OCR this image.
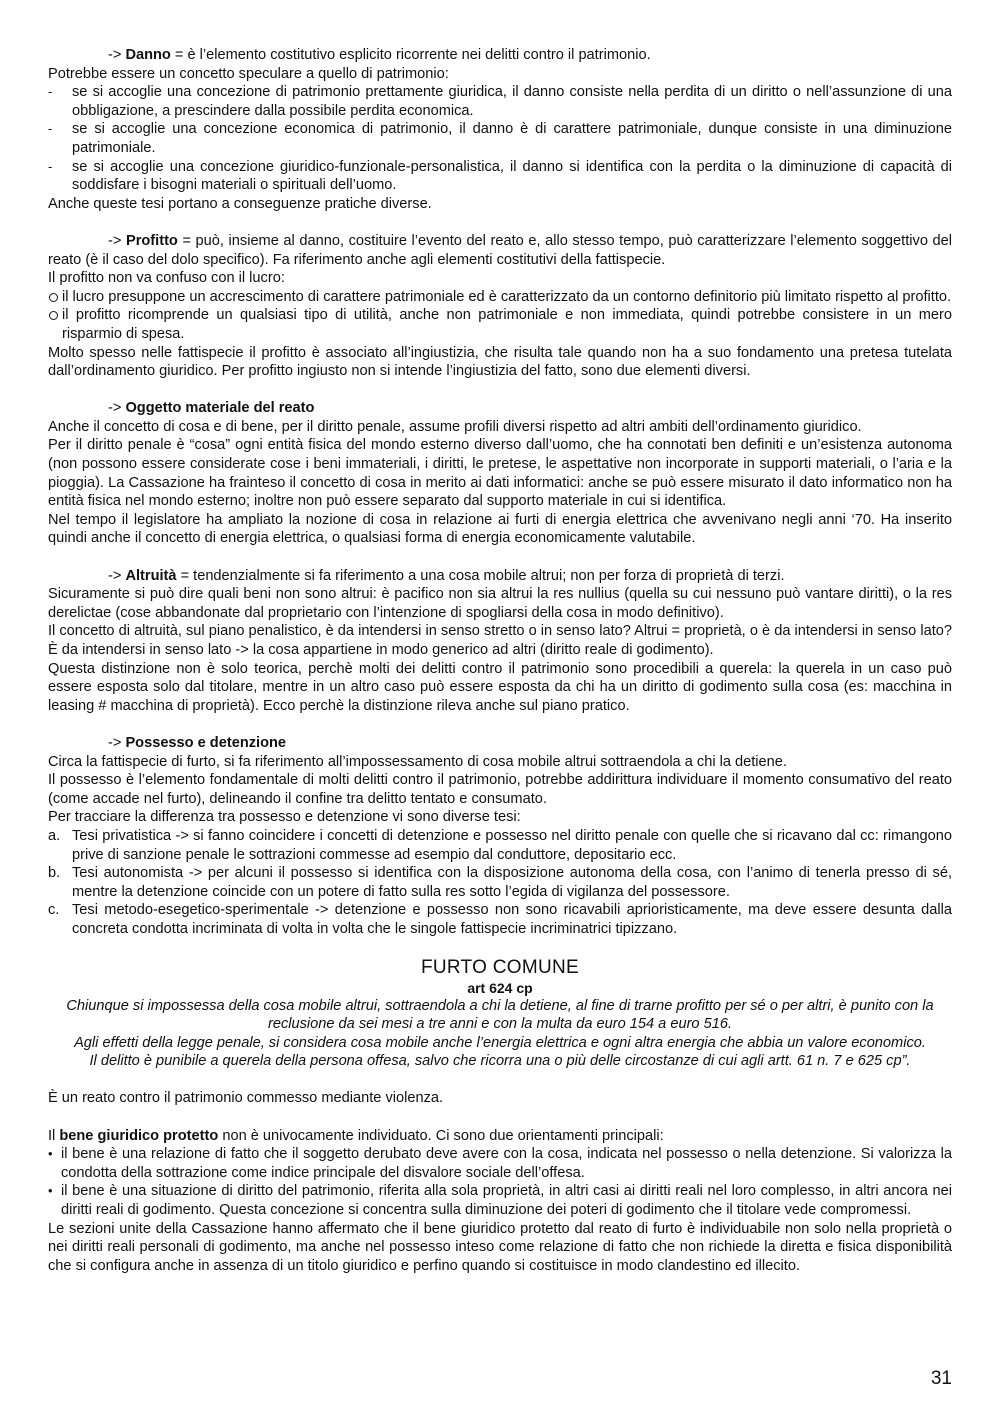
-> Danno = è l’elemento costitutivo esplicito ricorrente nei delitti contro il patrimonio.

Potrebbe essere un concetto speculare a quello di patrimonio:

-	se si accoglie una concezione di patrimonio prettamente giuridica, il danno consiste nella perdita di un diritto o nell’assunzione di una obbligazione, a prescindere dalla possibile perdita economica.
-	se si accoglie una concezione economica di patrimonio, il danno è di carattere patrimoniale, dunque consiste in una diminuzione patrimoniale.
-	se si accoglie una concezione giuridico-funzionale-personalistica, il danno si identifica con la perdita o la diminuzione di capacità di soddisfare i bisogni materiali o spirituali dell’uomo.

Anche queste tesi portano a conseguenze pratiche diverse.

-> Profitto = può, insieme al danno, costituire l’evento del reato e, allo stesso tempo, può caratterizzare l’elemento soggettivo del reato (è il caso del dolo specifico). Fa riferimento anche agli elementi costitutivi della fattispecie.

Il profitto non va confuso con il lucro:

il lucro presuppone un accrescimento di carattere patrimoniale ed è caratterizzato da un contorno definitorio più limitato rispetto al profitto.
il profitto ricomprende un qualsiasi tipo di utilità, anche non patrimoniale e non immediata, quindi potrebbe consistere in un mero risparmio di spesa.

Molto spesso nelle fattispecie il profitto è associato all’ingiustizia, che risulta tale quando non ha a suo fondamento una pretesa tutelata dall’ordinamento giuridico. Per profitto ingiusto non si intende l’ingiustizia del fatto, sono due elementi diversi.

-> Oggetto materiale del reato

Anche il concetto di cosa e di bene, per il diritto penale, assume profili diversi rispetto ad altri ambiti dell’ordinamento giuridico.

Per il diritto penale è “cosa” ogni entità fisica del mondo esterno diverso dall’uomo, che ha connotati ben definiti e un’esistenza autonoma (non possono essere considerate cose i beni immateriali, i diritti, le pretese, le aspettative non incorporate in supporti materiali, o l’aria e la pioggia). La Cassazione ha frainteso il concetto di cosa in merito ai dati informatici: anche se può essere misurato il dato informatico non ha entità fisica nel mondo esterno; inoltre non può essere separato dal supporto materiale in cui si identifica.

Nel tempo il legislatore ha ampliato la nozione di cosa in relazione ai furti di energia elettrica che avvenivano negli anni ‘70. Ha inserito quindi anche il concetto di energia elettrica, o qualsiasi forma di energia economicamente valutabile.

-> Altruità = tendenzialmente si fa riferimento a una cosa mobile altrui; non per forza di proprietà di terzi.

Sicuramente si può dire quali beni non sono altrui: è pacifico non sia altrui la res nullius (quella su cui nessuno può vantare diritti), o la res derelictae (cose abbandonate dal proprietario con l’intenzione di spogliarsi della cosa in modo definitivo).

Il concetto di altruità, sul piano penalistico, è da intendersi in senso stretto o in senso lato? Altrui = proprietà, o è da intendersi in senso lato? È da intendersi in senso lato -> la cosa appartiene in modo generico ad altri (diritto reale di godimento).

Questa distinzione non è solo teorica, perchè molti dei delitti contro il patrimonio sono procedibili a querela: la querela in un caso può essere esposta solo dal titolare, mentre in un altro caso può essere esposta da chi ha un diritto di godimento sulla cosa (es: macchina in leasing # macchina di proprietà). Ecco perchè la distinzione rileva anche sul piano pratico.

-> Possesso e detenzione

Circa la fattispecie di furto, si fa riferimento all’impossessamento di cosa mobile altrui sottraendola a chi la detiene.

Il possesso è l’elemento fondamentale di molti delitti contro il patrimonio, potrebbe addirittura individuare il momento consumativo del reato (come accade nel furto), delineando il confine tra delitto tentato e consumato.

Per tracciare la differenza tra possesso e detenzione vi sono diverse tesi:

a. Tesi privatistica -> si fanno coincidere i concetti di detenzione e possesso nel diritto penale con quelle che si ricavano dal cc: rimangono prive di sanzione penale le sottrazioni commesse ad esempio dal conduttore, depositario ecc.
b. Tesi autonomista -> per alcuni il possesso si identifica con la disposizione autonoma della cosa, con l’animo di tenerla presso di sé, mentre la detenzione coincide con un potere di fatto sulla res sotto l’egida di vigilanza del possessore.
c. Tesi metodo-esegetico-sperimentale -> detenzione e possesso non sono ricavabili aprioristicamente, ma deve essere desunta dalla concreta condotta incriminata di volta in volta che le singole fattispecie incriminatrici tipizzano.
FURTO COMUNE
art 624 cp

Chiunque si impossessa della cosa mobile altrui, sottraendola a chi la detiene, al fine di trarne profitto per sé o per altri, è punito con la reclusione da sei mesi a tre anni e con la multa da euro 154 a euro 516.

Agli effetti della legge penale, si considera cosa mobile anche l’energia elettrica e ogni altra energia che abbia un valore economico.

Il delitto è punibile a querela della persona offesa, salvo che ricorra una o più delle circostanze di cui agli artt. 61 n. 7 e 625 cp”.

È un reato contro il patrimonio commesso mediante violenza.

Il bene giuridico protetto non è univocamente individuato. Ci sono due orientamenti principali:

• il bene è una relazione di fatto che il soggetto derubato deve avere con la cosa, indicata nel possesso o nella detenzione. Si valorizza la condotta della sottrazione come indice principale del disvalore sociale dell’offesa.
• il bene è una situazione di diritto del patrimonio, riferita alla sola proprietà, in altri casi ai diritti reali nel loro complesso, in altri ancora nei diritti reali di godimento. Questa concezione si concentra sulla diminuzione dei poteri di godimento che il titolare vede compromessi.

Le sezioni unite della Cassazione hanno affermato che il bene giuridico protetto dal reato di furto è individuabile non solo nella proprietà o nei diritti reali personali di godimento, ma anche nel possesso inteso come relazione di fatto che non richiede la diretta e fisica disponibilità che si configura anche in assenza di un titolo giuridico e perfino quando si costituisce in modo clandestino ed illecito.

31
